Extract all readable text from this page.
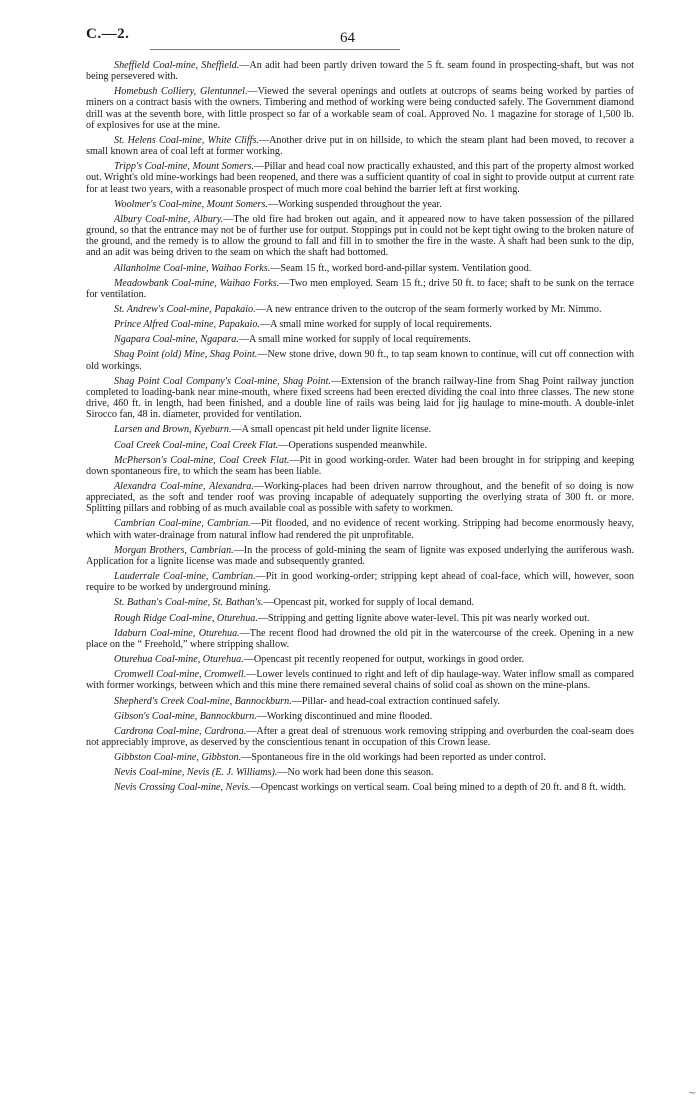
C.—2.	64

Sheffield Coal-mine, Sheffield.—An adit had been partly driven toward the 5 ft. seam found in prospecting-shaft, but was not being persevered with.

Homebush Colliery, Glentunnel.—Viewed the several openings and outlets at outcrops of seams being worked by parties of miners on a contract basis with the owners. Timbering and method of working were being conducted safely. The Government diamond drill was at the seventh bore, with little prospect so far of a workable seam of coal. Approved No. 1 magazine for storage of 1,500 lb. of explosives for use at the mine.

St. Helens Coal-mine, White Cliffs.—Another drive put in on hillside, to which the steam plant had been moved, to recover a small known area of coal left at former working.

Tripp's Coal-mine, Mount Somers.—Pillar and head coal now practically exhausted, and this part of the property almost worked out. Wright's old mine-workings had been reopened, and there was a sufficient quantity of coal in sight to provide output at current rate for at least two years, with a reasonable prospect of much more coal behind the barrier left at first working.

Woolmer's Coal-mine, Mount Somers.—Working suspended throughout the year.

Albury Coal-mine, Albury.—The old fire had broken out again, and it appeared now to have taken possession of the pillared ground, so that the entrance may not be of further use for output. Stoppings put in could not be kept tight owing to the broken nature of the ground, and the remedy is to allow the ground to fall and fill in to smother the fire in the waste. A shaft had been sunk to the dip, and an adit was being driven to the seam on which the shaft had bottomed.

Allanholme Coal-mine, Waihao Forks.—Seam 15 ft., worked bord-and-pillar system. Ventilation good.

Meadowbank Coal-mine, Waihao Forks.—Two men employed. Seam 15 ft.; drive 50 ft. to face; shaft to be sunk on the terrace for ventilation.

St. Andrew's Coal-mine, Papakaio.—A new entrance driven to the outcrop of the seam formerly worked by Mr. Nimmo.

Prince Alfred Coal-mine, Papakaio.—A small mine worked for supply of local requirements.

Ngapara Coal-mine, Ngapara.—A small mine worked for supply of local requirements.

Shag Point (old) Mine, Shag Point.—New stone drive, down 90 ft., to tap seam known to continue, will cut off connection with old workings.

Shag Point Coal Company's Coal-mine, Shag Point.—Extension of the branch railway-line from Shag Point railway junction completed to loading-bank near mine-mouth, where fixed screens had been erected dividing the coal into three classes. The new stone drive, 460 ft. in length, had been finished, and a double line of rails was being laid for jig haulage to mine-mouth. A double-inlet Sirocco fan, 48 in. diameter, provided for ventilation.

Larsen and Brown, Kyeburn.—A small opencast pit held under lignite license.

Coal Creek Coal-mine, Coal Creek Flat.—Operations suspended meanwhile.

McPherson's Coal-mine, Coal Creek Flat.—Pit in good working-order. Water had been brought in for stripping and keeping down spontaneous fire, to which the seam has been liable.

Alexandra Coal-mine, Alexandra.—Working-places had been driven narrow throughout, and the benefit of so doing is now appreciated, as the soft and tender roof was proving incapable of adequately supporting the overlying strata of 300 ft. or more. Splitting pillars and robbing of as much available coal as possible with safety to workmen.

Cambrian Coal-mine, Cambrian.—Pit flooded, and no evidence of recent working. Stripping had become enormously heavy, which with water-drainage from natural inflow had rendered the pit unprofitable.

Morgan Brothers, Cambrian.—In the process of gold-mining the seam of lignite was exposed underlying the auriferous wash. Application for a lignite license was made and subsequently granted.

Lauderrale Coal-mine, Cambrian.—Pit in good working-order; stripping kept ahead of coal-face, which will, however, soon require to be worked by underground mining.

St. Bathan's Coal-mine, St. Bathan's.—Opencast pit, worked for supply of local demand.

Rough Ridge Coal-mine, Oturehua.—Stripping and getting lignite above water-level. This pit was nearly worked out.

Idaburn Coal-mine, Oturehua.—The recent flood had drowned the old pit in the watercourse of the creek. Opening in a new place on the “ Freehold,” where stripping shallow.

Oturehua Coal-mine, Oturehua.—Opencast pit recently reopened for output, workings in good order.

Cromwell Coal-mine, Cromwell.—Lower levels continued to right and left of dip haulage-way. Water inflow small as compared with former workings, between which and this mine there remained several chains of solid coal as shown on the mine-plans.

Shepherd's Creek Coal-mine, Bannockburn.—Pillar- and head-coal extraction continued safely.

Gibson's Coal-mine, Bannockburn.—Working discontinued and mine flooded.

Cardrona Coal-mine, Cardrona.—After a great deal of strenuous work removing stripping and overburden the coal-seam does not appreciably improve, as deserved by the conscientious tenant in occupation of this Crown lease.

Gibbston Coal-mine, Gibbston.—Spontaneous fire in the old workings had been reported as under control.

Nevis Coal-mine, Nevis (E. J. Williams).—No work had been done this season.

Nevis Crossing Coal-mine, Nevis.—Opencast workings on vertical seam. Coal being mined to a depth of 20 ft. and 8 ft. width.

∼
